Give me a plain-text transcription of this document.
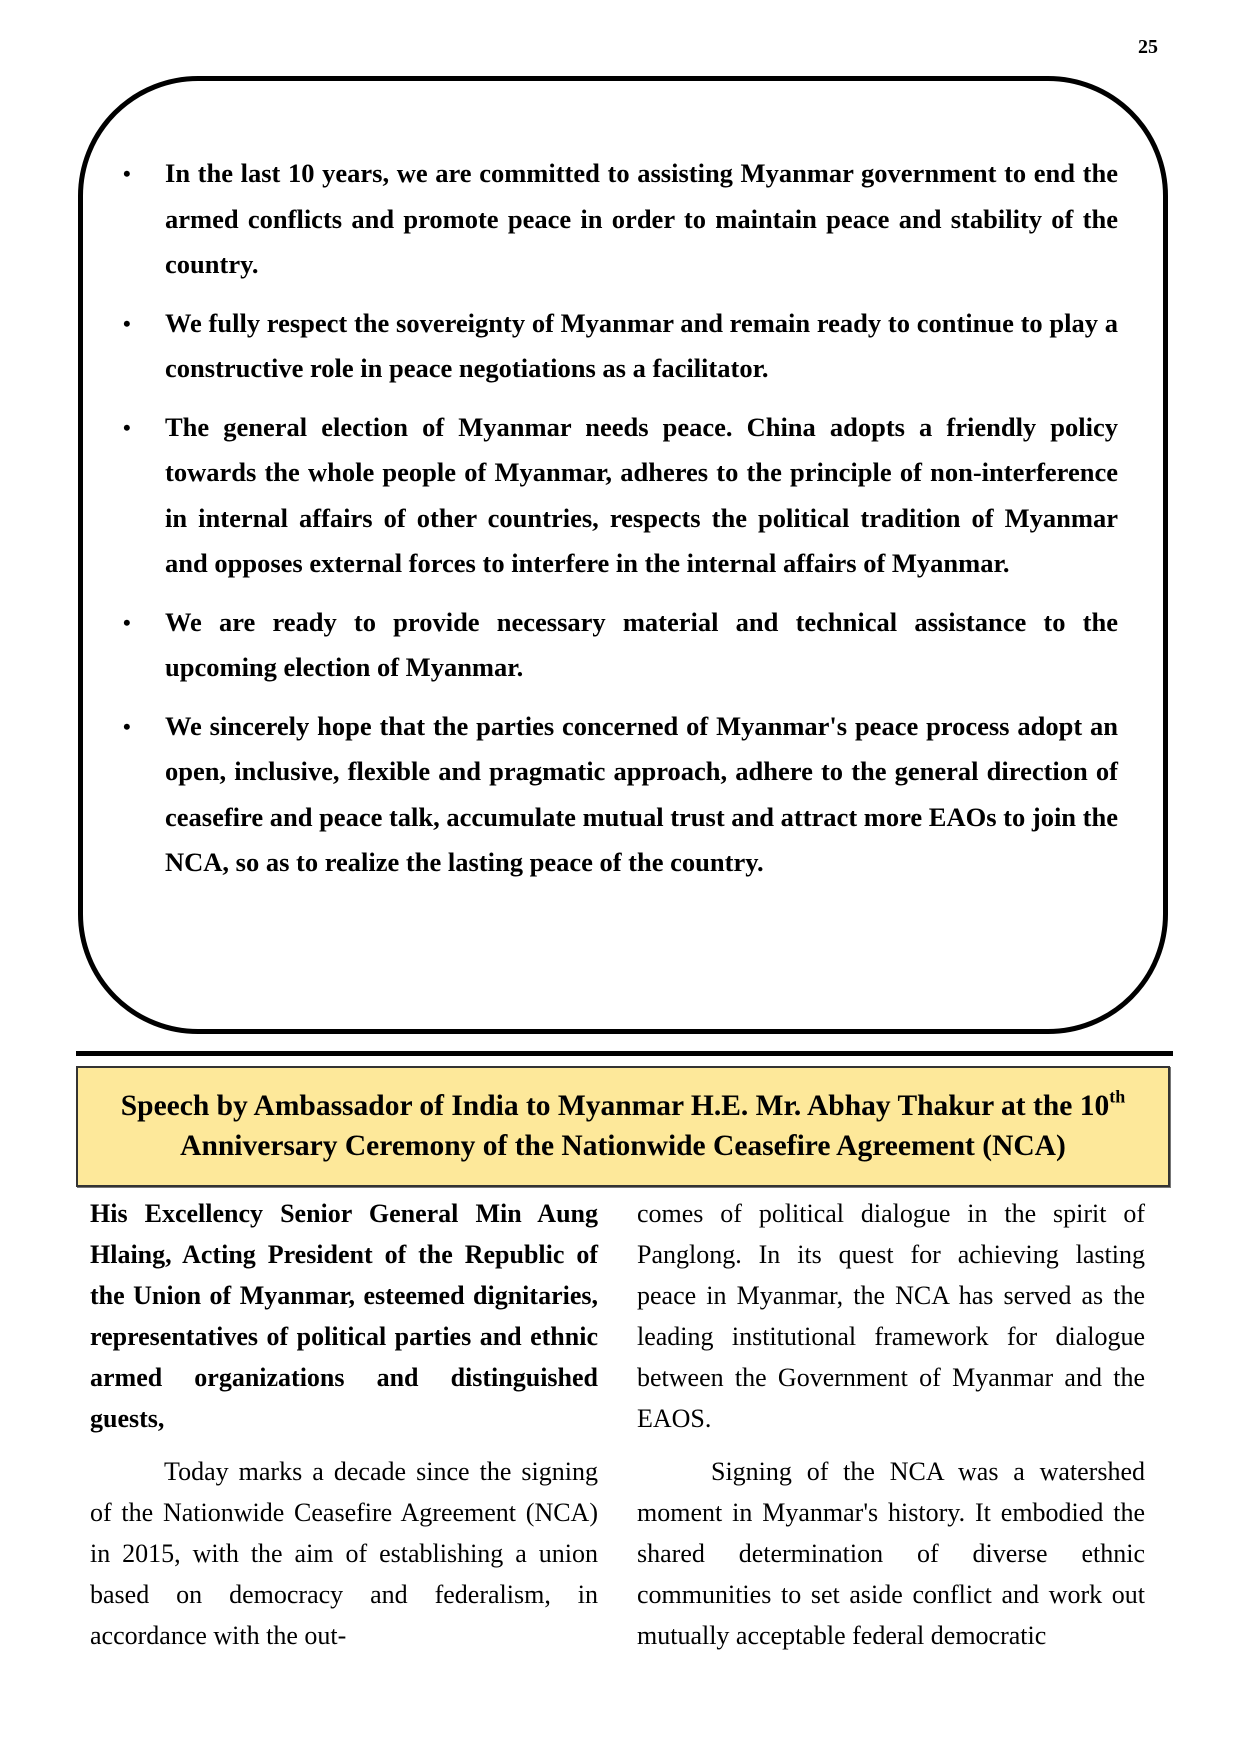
25
• In the last 10 years, we are committed to assisting Myanmar government to end the armed conflicts and promote peace in order to maintain peace and stability of the country.
• We fully respect the sovereignty of Myanmar and remain ready to continue to play a constructive role in peace negotiations as a facilitator.
• The general election of Myanmar needs peace. China adopts a friendly policy towards the whole people of Myanmar, adheres to the principle of non-interference in internal affairs of other countries, respects the political tradition of Myanmar and opposes external forces to interfere in the internal affairs of Myanmar.
• We are ready to provide necessary material and technical assistance to the upcoming election of Myanmar.
• We sincerely hope that the parties concerned of Myanmar's peace process adopt an open, inclusive, flexible and pragmatic approach, adhere to the general direction of ceasefire and peace talk, accumulate mutual trust and attract more EAOs to join the NCA, so as to realize the lasting peace of the country.
Speech by Ambassador of India to Myanmar H.E. Mr. Abhay Thakur at the 10th
Anniversary Ceremony of the Nationwide Ceasefire Agreement (NCA)

His Excellency Senior General Min Aung Hlaing, Acting President of the Republic of the Union of Myanmar, esteemed dignitaries, representatives of political parties and ethnic armed organizations and distinguished guests,

Today marks a decade since the signing of the Nationwide Ceasefire Agreement (NCA) in 2015, with the aim of establishing a union based on democracy and federalism, in accordance with the out-

comes of political dialogue in the spirit of Panglong. In its quest for achieving lasting peace in Myanmar, the NCA has served as the leading institutional framework for dialogue between the Government of Myanmar and the EAOS.

Signing of the NCA was a watershed moment in Myanmar's history. It embodied the shared determination of diverse ethnic communities to set aside conflict and work out mutually acceptable federal democratic
